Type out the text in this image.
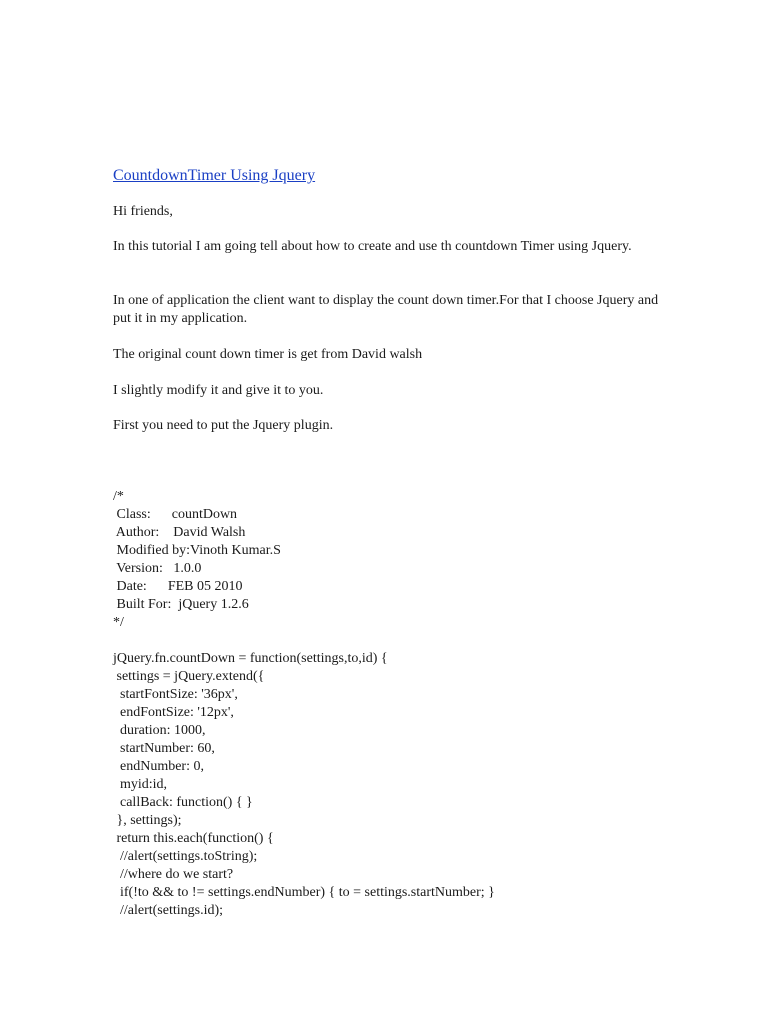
CountdownTimer Using Jquery

Hi friends,

In this tutorial I am going tell about how to create and use th countdown Timer using Jquery.

In one of application the client want to display the count down timer.For that I choose Jquery and put it in my application.

The original count down timer is get from David walsh

I slightly modify it and give it to you.

First you need to put the Jquery plugin.

/*
Class:      countDown
Author:    David Walsh
Modified by:Vinoth Kumar.S
Version:   1.0.0
Date:      FEB 05 2010
Built For:  jQuery 1.2.6
*/
jQuery.fn.countDown = function(settings,to,id) {
settings = jQuery.extend({
startFontSize: '36px',
endFontSize: '12px',
duration: 1000,
startNumber: 60,
endNumber: 0,
myid:id,
callBack: function() { }
}, settings);
return this.each(function() {
//alert(settings.toString);
//where do we start?
if(!to && to != settings.endNumber) { to = settings.startNumber; }
//alert(settings.id);
